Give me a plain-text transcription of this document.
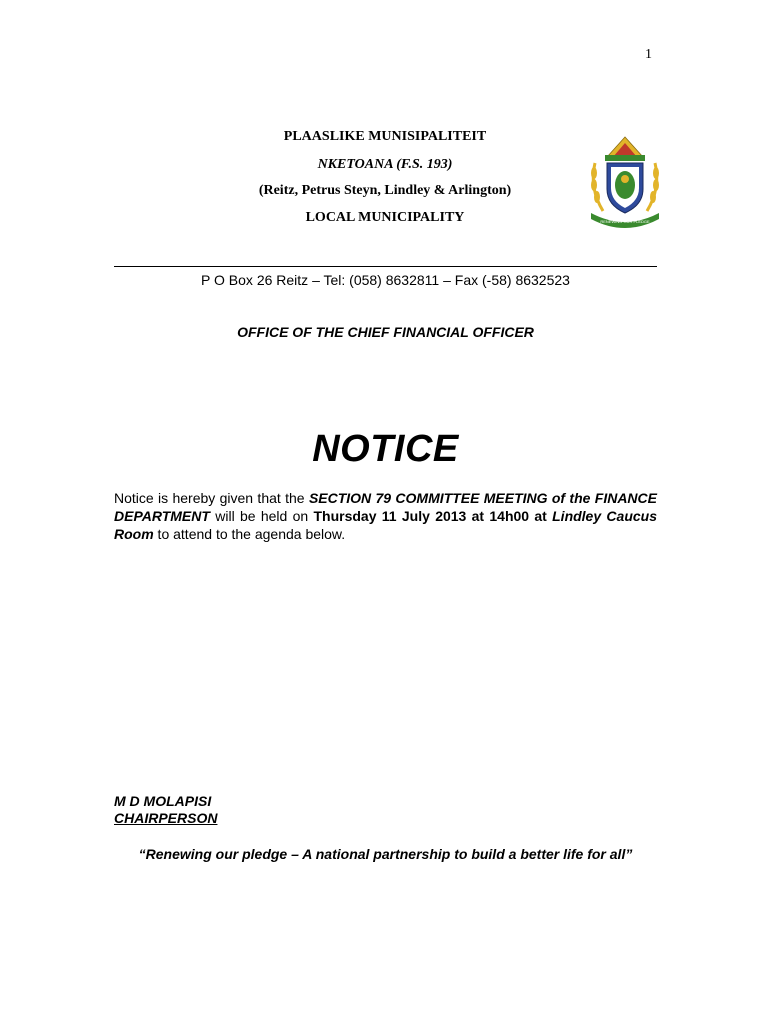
1
PLAASLIKE MUNISIPALITEIT
NKETOANA (F.S. 193)
(Reitz, Petrus Steyn, Lindley & Arlington)
LOCAL MUNICIPALITY	RENEWING OUR PLEDGE
P O Box 26 Reitz – Tel: (058) 8632811 – Fax (-58) 8632523
OFFICE OF THE CHIEF FINANCIAL OFFICER
NOTICE
Notice is hereby given that the SECTION 79 COMMITTEE MEETING of the FINANCE DEPARTMENT will be held on Thursday 11 July 2013 at 14h00 at Lindley Caucus Room to attend to the agenda below.
M D MOLAPISI
CHAIRPERSON
“Renewing our pledge – A national partnership to build a better life for all”
